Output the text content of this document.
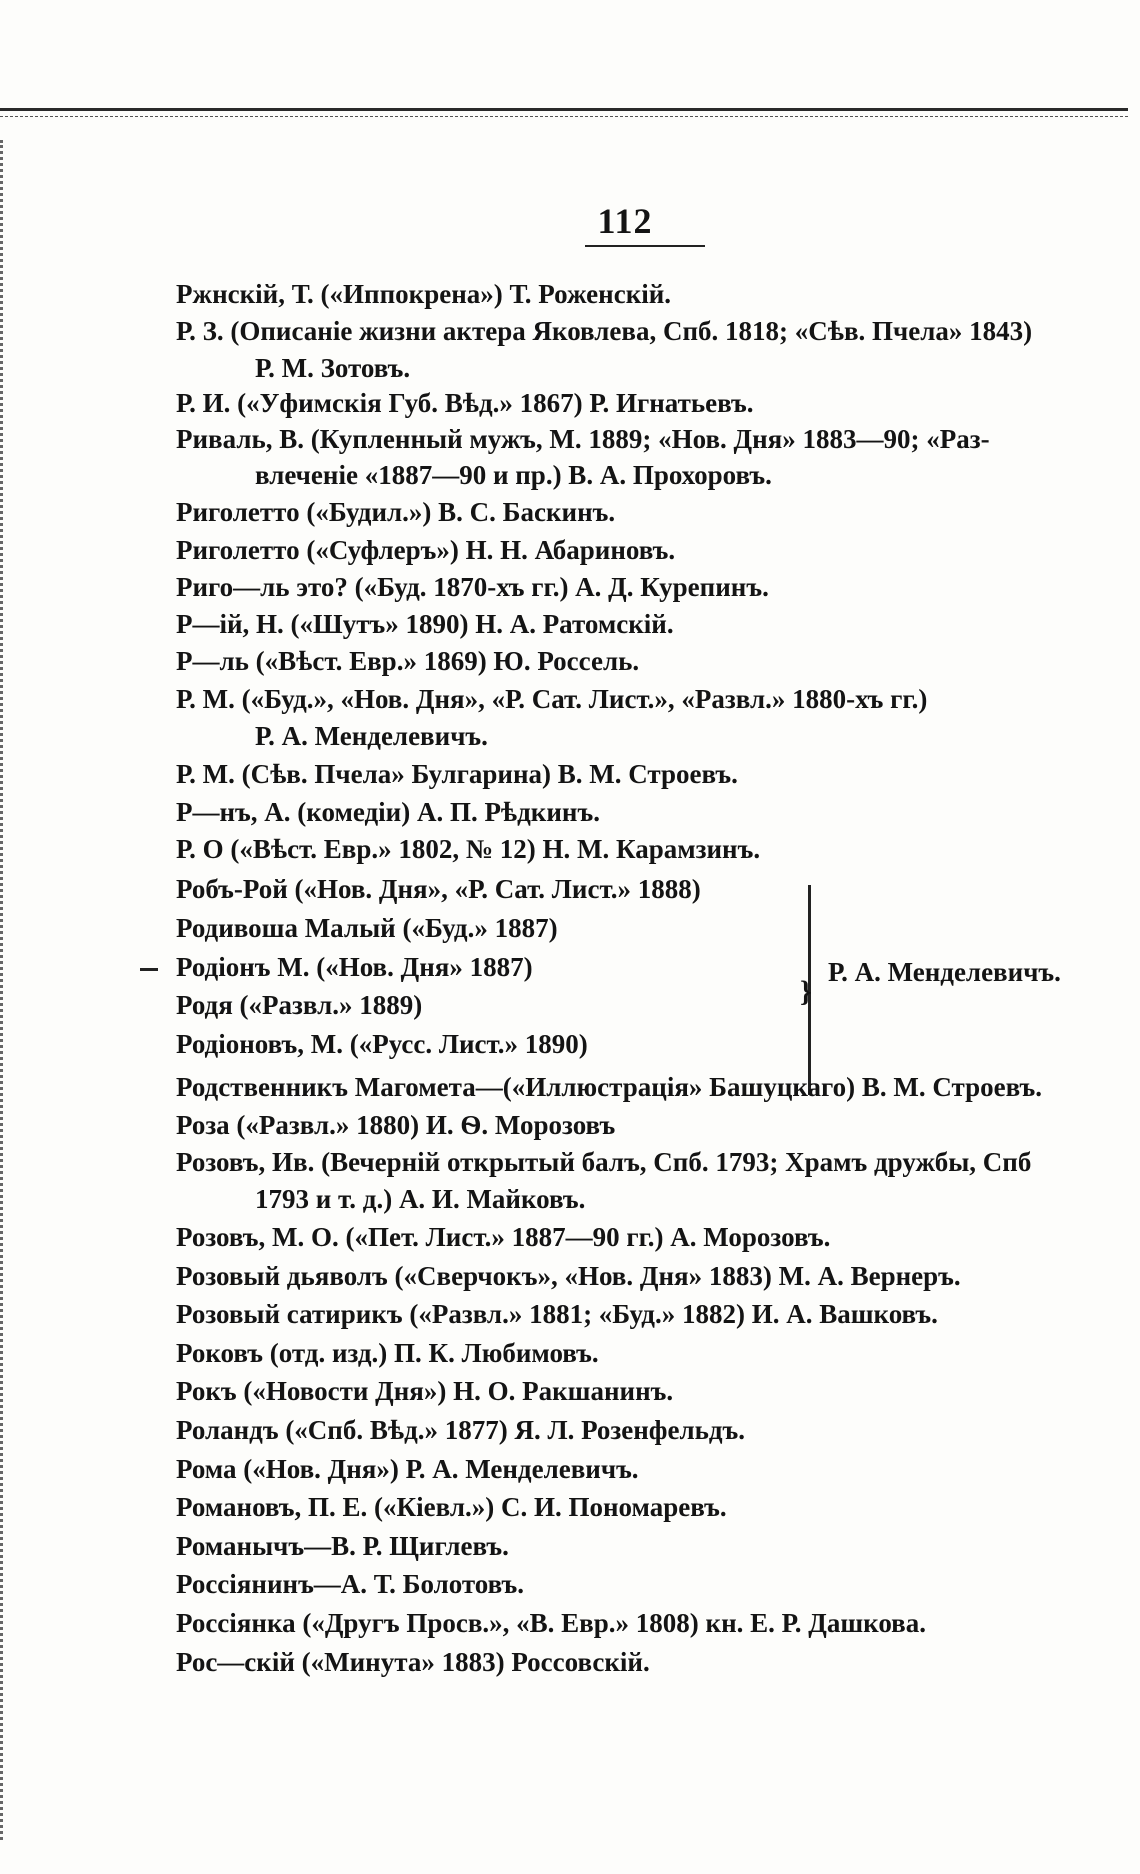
112
Ржнскій, Т. («Иппокрена») Т. Роженскій.
Р. З. (Описаніе жизни актера Яковлева, Спб. 1818; «Сѣв. Пчела» 1843)
Р. М. Зотовъ.
Р. И. («Уфимскія Губ. Вѣд.» 1867) Р. Игнатьевъ.
Риваль, В. (Купленный мужъ, М. 1889; «Нов. Дня» 1883—90; «Раз-
влеченіе «1887—90 и пр.) В. А. Прохоровъ.
Риголетто («Будил.») В. С. Баскинъ.
Риголетто («Суфлеръ») Н. Н. Абариновъ.
Риго—ль это? («Буд. 1870-хъ гг.) А. Д. Курепинъ.
Р—ій, Н. («Шутъ» 1890) Н. А. Ратомскій.
Р—ль («Вѣст. Евр.» 1869) Ю. Россель.
Р. М. («Буд.», «Нов. Дня», «Р. Сат. Лист.», «Развл.» 1880-хъ гг.)
Р. А. Менделевичъ.
Р. М. (Сѣв. Пчела» Булгарина) В. М. Строевъ.
Р—нъ, А. (комедіи) А. П. Рѣдкинъ.
Р. О («Вѣст. Евр.» 1802, № 12) Н. М. Карамзинъ.
Робъ-Рой («Нов. Дня», «Р. Сат. Лист.» 1888)
Родивоша Малый («Буд.» 1887)
Родіонъ М. («Нов. Дня» 1887)
Родя («Развл.» 1889)
Родіоновъ, М. («Русс. Лист.» 1890)
}
Р. А. Менделевичъ.
Родственникъ Магомета—(«Иллюстрація» Башуцкаго) В. М. Строевъ.
Роза («Развл.» 1880) И. Ѳ. Морозовъ
Розовъ, Ив. (Вечерній открытый балъ, Спб. 1793; Храмъ дружбы, Спб
1793 и т. д.) А. И. Майковъ.
Розовъ, М. О. («Пет. Лист.» 1887—90 гг.) А. Морозовъ.
Розовый дьяволъ («Сверчокъ», «Нов. Дня» 1883) М. А. Вернеръ.
Розовый сатирикъ («Развл.» 1881; «Буд.» 1882) И. А. Вашковъ.
Роковъ (отд. изд.) П. К. Любимовъ.
Рокъ («Новости Дня») Н. О. Ракшанинъ.
Роландъ («Спб. Вѣд.» 1877) Я. Л. Розенфельдъ.
Рома («Нов. Дня») Р. А. Менделевичъ.
Романовъ, П. Е. («Кіевл.») С. И. Пономаревъ.
Романычъ—В. Р. Щиглевъ.
Россіянинъ—А. Т. Болотовъ.
Россіянка («Другъ Просв.», «В. Евр.» 1808) кн. Е. Р. Дашкова.
Рос—скій («Минута» 1883) Россовскій.
